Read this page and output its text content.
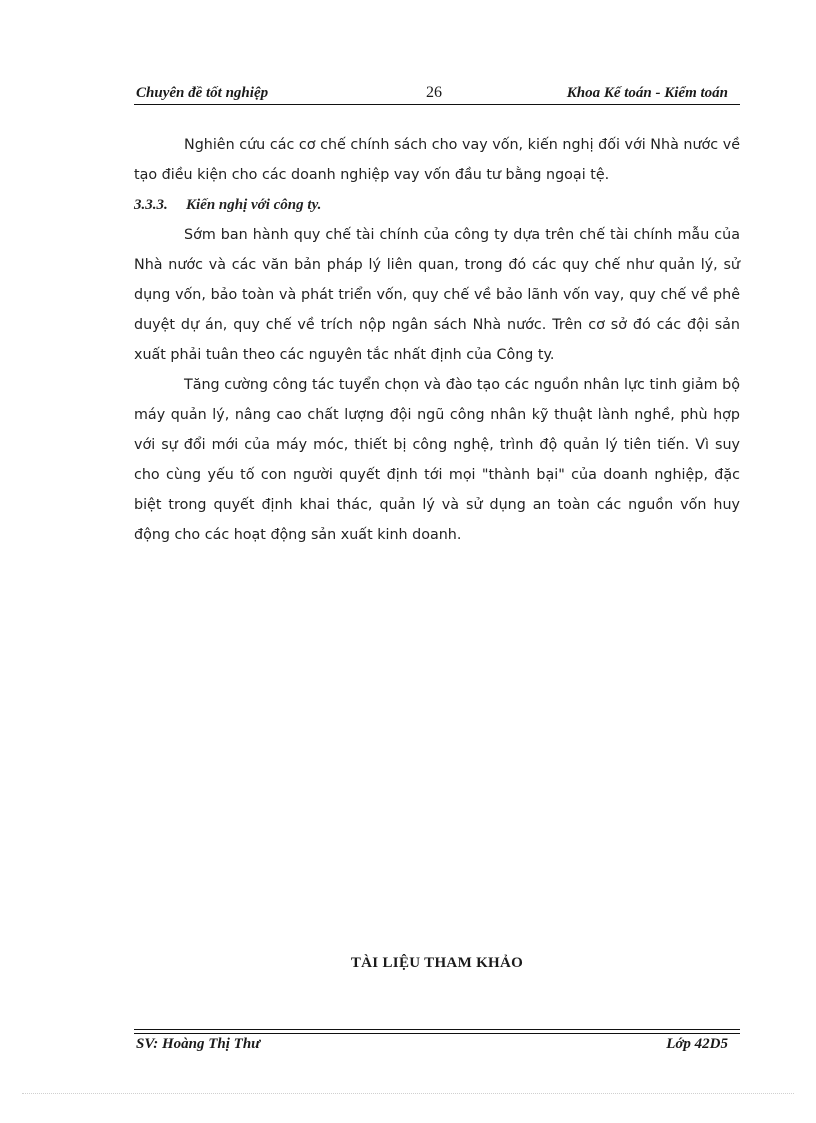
Chuyên đề tốt nghiệp	26	Khoa Kế toán - Kiểm toán

Nghiên cứu các cơ chế chính sách cho vay vốn, kiến nghị đối với Nhà nước về tạo điều kiện cho các doanh nghiệp vay vốn đầu tư bằng ngoại tệ.

3.3.3. Kiến nghị với công ty.

Sớm ban hành quy chế tài chính của công ty dựa trên chế tài chính mẫu của Nhà nước và các văn bản pháp lý liên quan, trong đó các quy chế như quản lý, sử dụng vốn, bảo toàn và phát triển vốn, quy chế về bảo lãnh vốn vay, quy chế về phê duyệt dự án, quy chế về trích nộp ngân sách Nhà nước. Trên cơ sở đó các đội sản xuất phải tuân theo các nguyên tắc nhất định của Công ty.

Tăng cường công tác tuyển chọn và đào tạo các nguồn nhân lực tinh giảm bộ máy quản lý, nâng cao chất lượng đội ngũ công nhân kỹ thuật lành nghề, phù hợp với sự đổi mới của máy móc, thiết bị công nghệ, trình độ quản lý tiên tiến. Vì suy cho cùng yếu tố con người quyết định tới mọi "thành bại" của doanh nghiệp, đặc biệt trong quyết định khai thác, quản lý và sử dụng an toàn các nguồn vốn huy động cho các hoạt động sản xuất kinh doanh.

TÀI LIỆU THAM KHẢO
SV: Hoàng Thị Thư	Lớp 42D5
